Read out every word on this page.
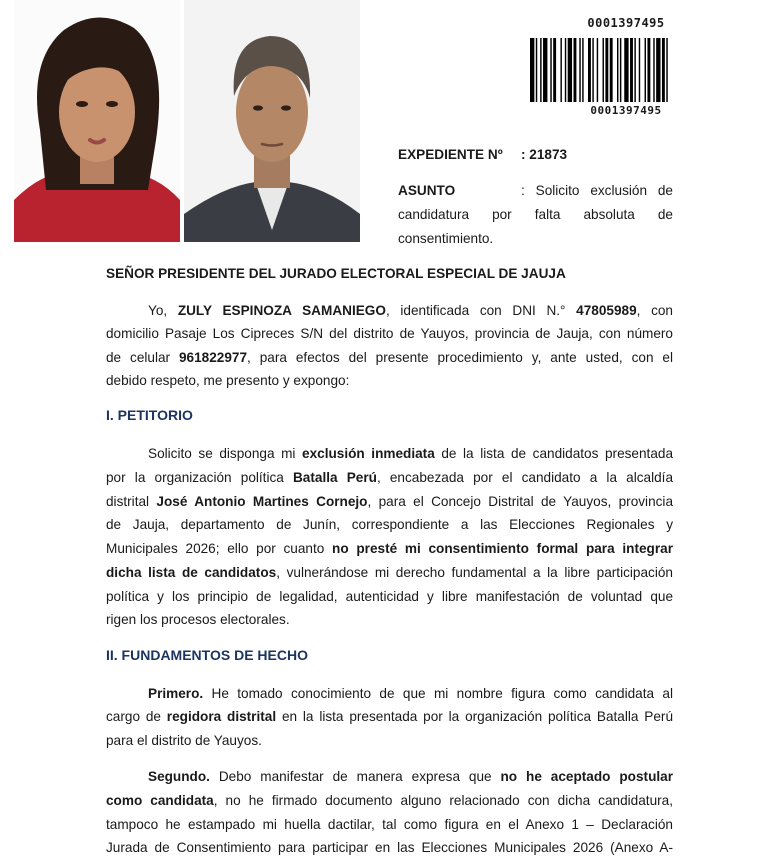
0001397495
0001397495
EXPEDIENTE Nº : 21873
ASUNTO	: Solicito exclusión de
candidatura por falta absoluta de
consentimiento.
SEÑOR PRESIDENTE DEL JURADO ELECTORAL ESPECIAL DE JAUJA
Yo, ZULY ESPINOZA SAMANIEGO, identificada con DNI N.° 47805989, con
domicilio Pasaje Los Cipreces S/N del distrito de Yauyos, provincia de Jauja, con número
de celular 961822977, para efectos del presente procedimiento y, ante usted, con el
debido respeto, me presento y expongo:
I. PETITORIO
Solicito se disponga mi exclusión inmediata de la lista de candidatos presentada
por la organización política Batalla Perú, encabezada por el candidato a la alcaldía
distrital José Antonio Martines Cornejo, para el Concejo Distrital de Yauyos, provincia
de Jauja, departamento de Junín, correspondiente a las Elecciones Regionales y
Municipales 2026; ello por cuanto no presté mi consentimiento formal para integrar
dicha lista de candidatos, vulnerándose mi derecho fundamental a la libre participación
política y los principio de legalidad, autenticidad y libre manifestación de voluntad que
rigen los procesos electorales.
II. FUNDAMENTOS DE HECHO
Primero. He tomado conocimiento de que mi nombre figura como candidata al
cargo de regidora distrital en la lista presentada por la organización política Batalla Perú
para el distrito de Yauyos.
Segundo. Debo manifestar de manera expresa que no he aceptado postular
como candidata, no he firmado documento alguno relacionado con dicha candidatura,
tampoco he estampado mi huella dactilar, tal como figura en el Anexo 1 – Declaración
Jurada de Consentimiento para participar en las Elecciones Municipales 2026 (Anexo A-
